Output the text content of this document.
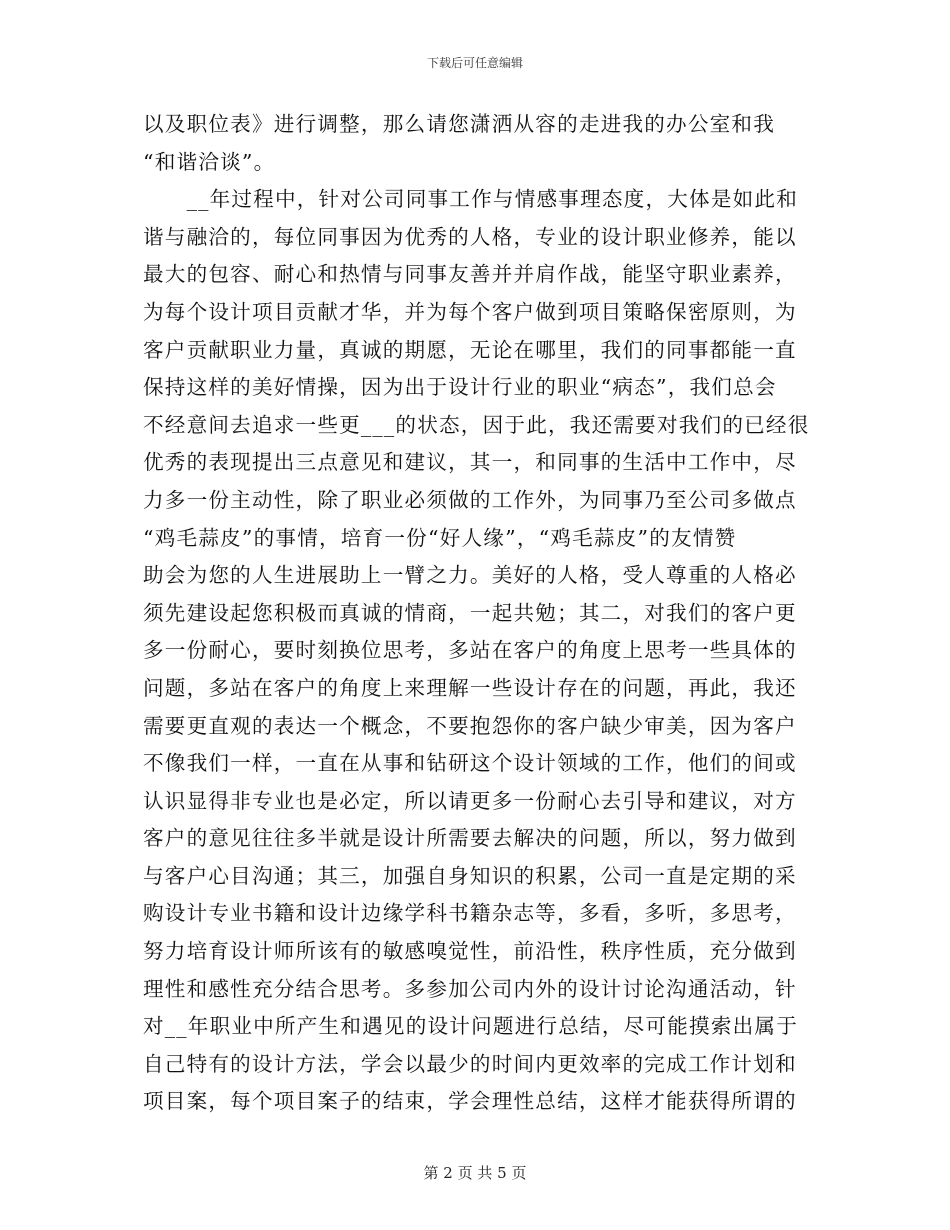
下载后可任意编辑
以及职位表》进行调整，那么请您潇洒从容的走进我的办公室和我
“和谐洽谈”。
　　__年过程中，针对公司同事工作与情感事理态度，大体是如此和
谐与融洽的，每位同事因为优秀的人格，专业的设计职业修养，能以
最大的包容、耐心和热情与同事友善并并肩作战，能坚守职业素养，
为每个设计项目贡献才华，并为每个客户做到项目策略保密原则，为
客户贡献职业力量，真诚的期愿，无论在哪里，我们的同事都能一直
保持这样的美好情操，因为出于设计行业的职业“病态”，我们总会
不经意间去追求一些更___的状态，因于此，我还需要对我们的已经很
优秀的表现提出三点意见和建议，其一，和同事的生活中工作中，尽
力多一份主动性，除了职业必须做的工作外，为同事乃至公司多做点
“鸡毛蒜皮”的事情，培育一份“好人缘”，“鸡毛蒜皮”的友情赞
助会为您的人生进展助上一臂之力。美好的人格，受人尊重的人格必
须先建设起您积极而真诚的情商，一起共勉；其二，对我们的客户更
多一份耐心，要时刻换位思考，多站在客户的角度上思考一些具体的
问题，多站在客户的角度上来理解一些设计存在的问题，再此，我还
需要更直观的表达一个概念，不要抱怨你的客户缺少审美，因为客户
不像我们一样，一直在从事和钻研这个设计领域的工作，他们的间或
认识显得非专业也是必定，所以请更多一份耐心去引导和建议，对方
客户的意见往往多半就是设计所需要去解决的问题，所以，努力做到
与客户心目沟通；其三，加强自身知识的积累，公司一直是定期的采
购设计专业书籍和设计边缘学科书籍杂志等，多看，多听，多思考，
努力培育设计师所该有的敏感嗅觉性，前沿性，秩序性质，充分做到
理性和感性充分结合思考。多参加公司内外的设计讨论沟通活动，针
对__年职业中所产生和遇见的设计问题进行总结，尽可能摸索出属于
自己特有的设计方法，学会以最少的时间内更效率的完成工作计划和
项目案，每个项目案子的结束，学会理性总结，这样才能获得所谓的
第 2 页 共 5 页
